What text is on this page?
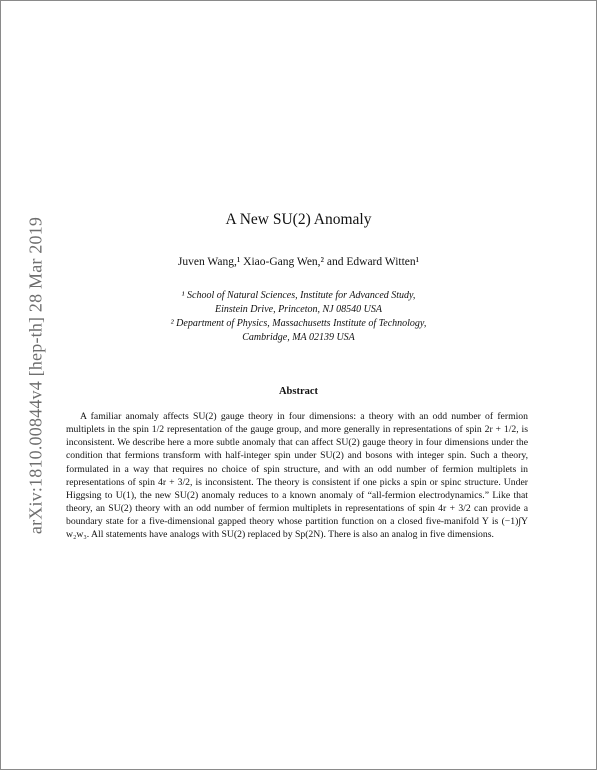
arXiv:1810.00844v4 [hep-th] 28 Mar 2019	A New SU(2) Anomaly
Juven Wang,¹ Xiao-Gang Wen,² and Edward Witten¹
¹ School of Natural Sciences, Institute for Advanced Study,
Einstein Drive, Princeton, NJ 08540 USA
² Department of Physics, Massachusetts Institute of Technology,
Cambridge, MA 02139 USA
Abstract
A familiar anomaly affects SU(2) gauge theory in four dimensions: a theory with an odd number of fermion multiplets in the spin 1/2 representation of the gauge group, and more generally in representations of spin 2r + 1/2, is inconsistent. We describe here a more subtle anomaly that can affect SU(2) gauge theory in four dimensions under the condition that fermions transform with half-integer spin under SU(2) and bosons with integer spin. Such a theory, formulated in a way that requires no choice of spin structure, and with an odd number of fermion multiplets in representations of spin 4r + 3/2, is inconsistent. The theory is consistent if one picks a spin or spinc structure. Under Higgsing to U(1), the new SU(2) anomaly reduces to a known anomaly of “all-fermion electrodynamics.” Like that theory, an SU(2) theory with an odd number of fermion multiplets in representations of spin 4r + 3/2 can provide a boundary state for a five-dimensional gapped theory whose partition function on a closed five-manifold Y is (−1)∫Y w₂w₃. All statements have analogs with SU(2) replaced by Sp(2N). There is also an analog in five dimensions.
